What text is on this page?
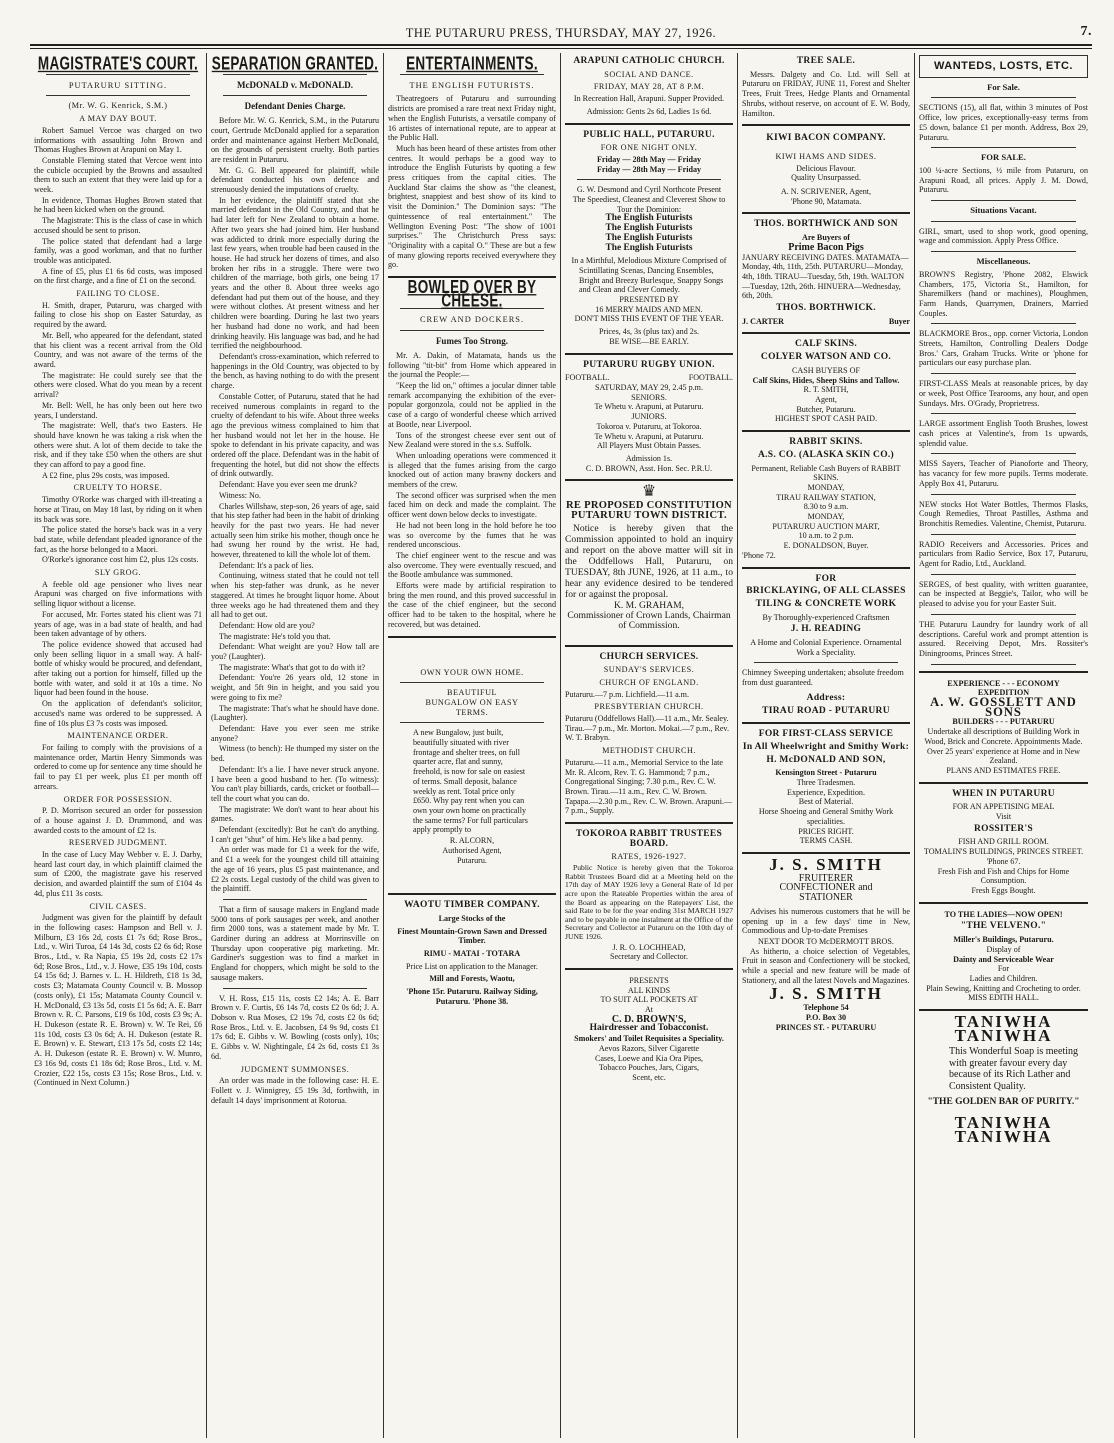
THE PUTARURU PRESS, THURSDAY, MAY 27, 1926.	7.
MAGISTRATE'S COURT.
PUTARURU SITTING.
(Mr. W. G. Kenrick, S.M.)
A MAY DAY BOUT.

Robert Samuel Vercoe was charged on two informations with assaulting John Brown and Thomas Hughes Brown at Arapuni on May 1.

Constable Fleming stated that Vercoe went into the cubicle occupied by the Browns and assaulted them to such an extent that they were laid up for a week.

In evidence, Thomas Hughes Brown stated that he had been kicked when on the ground.

The Magistrate: This is the class of case in which accused should be sent to prison.

The police stated that defendant had a large family, was a good workman, and that no further trouble was anticipated.

A fine of £5, plus £1 6s 6d costs, was imposed on the first charge, and a fine of £1 on the second.

FAILING TO CLOSE.

H. Smith, draper, Putaruru, was charged with failing to close his shop on Easter Saturday, as required by the award.

Mr. Bell, who appeared for the defendant, stated that his client was a recent arrival from the Old Country, and was not aware of the terms of the award.

The magistrate: He could surely see that the others were closed. What do you mean by a recent arrival?

Mr. Bell: Well, he has only been out here two years, I understand.

The magistrate: Well, that's two Easters. He should have known he was taking a risk when the others were shut. A lot of them decide to take the risk, and if they take £50 when the others are shut they can afford to pay a good fine.

A £2 fine, plus 29s costs, was imposed.

CRUELTY TO HORSE.

Timothy O'Rorke was charged with ill-treating a horse at Tirau, on May 18 last, by riding on it when its back was sore.

The police stated the horse's back was in a very bad state, while defendant pleaded ignorance of the fact, as the horse belonged to a Maori.

O'Rorke's ignorance cost him £2, plus 12s costs.

SLY GROG.

A feeble old age pensioner who lives near Arapuni was charged on five informations with selling liquor without a license.

For accused, Mr. Fortes stated his client was 71 years of age, was in a bad state of health, and had been taken advantage of by others.

The police evidence showed that accused had only been selling liquor in a small way. A half-bottle of whisky would be procured, and defendant, after taking out a portion for himself, filled up the bottle with water, and sold it at 10s a time. No liquor had been found in the house.

On the application of defendant's solicitor, accused's name was ordered to be suppressed. A fine of 10s plus £3 7s costs was imposed.

MAINTENANCE ORDER.

For failing to comply with the provisions of a maintenance order, Martin Henry Simmonds was ordered to come up for sentence any time should he fail to pay £1 per week, plus £1 per month off arrears.

ORDER FOR POSSESSION.

P. D. Morrison secured an order for possession of a house against J. D. Drummond, and was awarded costs to the amount of £2 1s.

RESERVED JUDGMENT.

In the case of Lucy May Webber v. E. J. Darby, heard last court day, in which plaintiff claimed the sum of £200, the magistrate gave his reserved decision, and awarded plaintiff the sum of £104 4s 4d, plus £11 3s costs.

CIVIL CASES.

Judgment was given for the plaintiff by default in the following cases: Hampson and Bell v. J. Milburn, £3 16s 2d, costs £1 7s 6d; Rose Bros., Ltd., v. Wiri Turoa, £4 14s 3d, costs £2 6s 6d; Rose Bros., Ltd., v. Ra Napia, £5 19s 2d, costs £2 17s 6d; Rose Bros., Ltd., v. J. Howe, £35 19s 10d, costs £4 15s 6d; J. Barnes v. L. H. Hildreth, £18 1s 3d, costs £3; Matamata County Council v. B. Mossop (costs only), £1 15s; Matamata County Council v. H. McDonald, £3 13s 5d, costs £1 5s 6d; A. E. Barr Brown v. R. C. Parsons, £19 6s 10d, costs £3 9s; A. H. Dukeson (estate R. E. Brown) v. W. Te Rei, £6 11s 10d, costs £3 0s 6d; A. H. Dukeson (estate R. E. Brown) v. E. Stewart, £13 17s 5d, costs £2 14s; A. H. Dukeson (estate R. E. Brown) v. W. Munro, £3 16s 9d, costs £1 18s 6d; Rose Bros., Ltd. v. M. Crozier, £22 15s, costs £3 15s; Rose Bros., Ltd. v. (Continued in Next Column.)

SEPARATION GRANTED.
McDONALD v. McDONALD.
Defendant Denies Charge.

Before Mr. W. G. Kenrick, S.M., in the Putaruru court, Gertrude McDonald applied for a separation order and maintenance against Herbert McDonald, on the grounds of persistent cruelty. Both parties are resident in Putaruru.

Mr. G. G. Bell appeared for plaintiff, while defendant conducted his own defence and strenuously denied the imputations of cruelty.

In her evidence, the plaintiff stated that she married defendant in the Old Country, and that he had later left for New Zealand to obtain a home. After two years she had joined him. Her husband was addicted to drink more especially during the last few years, when trouble had been caused in the house. He had struck her dozens of times, and also broken her ribs in a struggle. There were two children of the marriage, both girls, one being 17 years and the other 8. About three weeks ago defendant had put them out of the house, and they were without clothes. At present witness and her children were boarding. During he last two years her husband had done no work, and had been drinking heavily. His language was bad, and he had terrified the neighbourhood.

Defendant's cross-examination, which referred to happenings in the Old Country, was objected to by the bench, as having nothing to do with the present charge.

Constable Cotter, of Putaruru, stated that he had received numerous complaints in regard to the cruelty of defendant to his wife. About three weeks ago the previous witness complained to him that her husband would not let her in the house. He spoke to defendant in his private capacity, and was ordered off the place. Defendant was in the habit of frequenting the hotel, but did not show the effects of drink outwardly.

Defendant: Have you ever seen me drunk?

Witness: No.

Charles Willshaw, step-son, 26 years of age, said that his step father had been in the habit of drinking heavily for the past two years. He had never actually seen him strike his mother, though once he had swung her round by the wrist. He had, however, threatened to kill the whole lot of them.

Defendant: It's a pack of lies.

Continuing, witness stated that he could not tell when his step-father was drunk, as he never staggered. At times he brought liquor home. About three weeks ago he had threatened them and they all had to get out.

Defendant: How old are you?

The magistrate: He's told you that.

Defendant: What weight are you? How tall are you? (Laughter).

The magistrate: What's that got to do with it?

Defendant: You're 26 years old, 12 stone in weight, and 5ft 9in in height, and you said you were going to fix me?

The magistrate: That's what he should have done. (Laughter).

Defendant: Have you ever seen me strike anyone?

Witness (to bench): He thumped my sister on the bed.

Defendant: It's a lie. I have never struck anyone. I have been a good husband to her. (To witness): You can't play billiards, cards, cricket or football—tell the court what you can do.

The magistrate: We don't want to hear about his games.

Defendant (excitedly): But he can't do anything. I can't get "shut" of him. He's like a bad penny.

An order was made for £1 a week for the wife, and £1 a week for the youngest child till attaining the age of 16 years, plus £5 past maintenance, and £2 2s costs. Legal custody of the child was given to the plaintiff.

That a firm of sausage makers in England made 5000 tons of pork sausages per week, and another firm 2000 tons, was a statement made by Mr. T. Gardiner during an address at Morrinsville on Thursday upon cooperative pig marketing. Mr. Gardiner's suggestion was to find a market in England for choppers, which might be sold to the sausage makers.

V. H. Ross, £15 11s, costs £2 14s; A. E. Barr Brown v. F. Curtis, £6 14s 7d, costs £2 0s 6d; J. A. Dobson v. Rua Moses, £2 19s 7d, costs £2 0s 6d; Rose Bros., Ltd. v. E. Jacobsen, £4 9s 9d, costs £1 17s 6d; E. Gibbs v. W. Bowling (costs only), 10s; E. Gibbs v. W. Nightingale, £4 2s 6d, costs £1 3s 6d.

JUDGMENT SUMMONSES.

An order was made in the following case: H. E. Follett v. J. Winnigrey, £5 19s 3d, forthwith, in default 14 days' imprisonment at Rotorua.

ENTERTAINMENTS.
THE ENGLISH FUTURISTS.

Theatregoers of Putaruru and surrounding districts are promised a rare treat next Friday night, when the English Futurists, a versatile company of 16 artistes of international repute, are to appear at the Public Hall.

Much has been heard of these artistes from other centres. It would perhaps be a good way to introduce the English Futurists by quoting a few press critiques from the capital cities. The Auckland Star claims the show as "the cleanest, brightest, snappiest and best show of its kind to visit the Dominion." The Dominion says: "The quintessence of real entertainment." The Wellington Evening Post: "The show of 1001 surprises." The Christchurch Press says: "Originality with a capital O." These are but a few of many glowing reports received everywhere they go.

BOWLED OVER BY CHEESE.
CREW AND DOCKERS.
Fumes Too Strong.

Mr. A. Dakin, of Matamata, hands us the following "tit-bit" from Home which appeared in the journal the People:—

"Keep the lid on," oftimes a jocular dinner table remark accompanying the exhibition of the ever-popular gorgonzola, could not be applied in the case of a cargo of wonderful cheese which arrived at Bootle, near Liverpool.

Tons of the strongest cheese ever sent out of New Zealand were stored in the s.s. Suffolk.

When unloading operations were commenced it is alleged that the fumes arising from the cargo knocked out of action many brawny dockers and members of the crew.

The second officer was surprised when the men faced him on deck and made the complaint. The officer went down below decks to investigate.

He had not been long in the hold before he too was so overcome by the fumes that he was rendered unconscious.

The chief engineer went to the rescue and was also overcome. They were eventually rescued, and the Bootle ambulance was summoned.

Efforts were made by artificial respiration to bring the men round, and this proved successful in the case of the chief engineer, but the second officer had to be taken to the hospital, where he recovered, but was detained.

OWN YOUR OWN HOME.
BEAUTIFUL BUNGALOW ON EASY TERMS.

A new Bungalow, just built, beautifully situated with river frontage and shelter trees, on full quarter acre, flat and sunny, freehold, is now for sale on easiest of terms. Small deposit, balance weekly as rent. Total price only £650. Why pay rent when you can own your own home on practically the same terms? For full particulars apply promptly to

R. ALCORN,
Authorised Agent,
Putaruru.
WAOTU TIMBER COMPANY.
Large Stocks of the
Finest Mountain-Grown Sawn and Dressed Timber.
RIMU - MATAI - TOTARA
Price List on application to the Manager.
Mill and Forests, Waotu,
'Phone 15r. Putaruru. Railway Siding, Putaruru. 'Phone 38.
ARAPUNI CATHOLIC CHURCH.
SOCIAL AND DANCE.
FRIDAY, MAY 28, AT 8 P.M.
In Recreation Hall, Arapuni. Supper Provided.
Admission: Gents 2s 6d, Ladies 1s 6d.
PUBLIC HALL, PUTARURU.
FOR ONE NIGHT ONLY.
Friday — 28th May — Friday
Friday — 28th May — Friday
G. W. Desmond and Cyril Northcote Present
The Speediest, Cleanest and Cleverest Show to Tour the Dominion:
The English Futurists
The English Futurists
The English Futurists
The English Futurists
In a Mirthful, Melodious Mixture Comprised of
Scintillating Scenas, Dancing Ensembles, Bright and Breezy Burlesque, Snappy Songs and Clean and Clever Comedy.
PRESENTED BY
16 MERRY MAIDS AND MEN.
DON'T MISS THIS EVENT OF THE YEAR.
Prices, 4s, 3s (plus tax) and 2s.
BE WISE—BE EARLY.
PUTARURU RUGBY UNION.
FOOTBALL.	FOOTBALL.
SATURDAY, MAY 29, 2.45 p.m.
SENIORS.
Te Whetu v. Arapuni, at Putaruru.
JUNIORS.
Tokoroa v. Putaruru, at Tokoroa.
Te Whetu v. Arapuni, at Putaruru.
All Players Must Obtain Passes.
Admission 1s.
C. D. BROWN, Asst. Hon. Sec. P.R.U.
♛
RE PROPOSED CONSTITUTION PUTARURU TOWN DISTRICT.

Notice is hereby given that the Commission appointed to hold an inquiry and report on the above matter will sit in the Oddfellows Hall, Putaruru, on TUESDAY, 8th JUNE, 1926, at 11 a.m., to hear any evidence desired to be tendered for or against the proposal.

K. M. GRAHAM,
Commissioner of Crown Lands, Chairman of Commission.
CHURCH SERVICES.
SUNDAY'S SERVICES.
CHURCH OF ENGLAND.
Putaruru.—7 p.m. Lichfield.—11 a.m.
PRESBYTERIAN CHURCH.
Putaruru (Oddfellows Hall).—11 a.m., Mr. Sealey. Tirau.—7 p.m., Mr. Morton. Mokai.—7 p.m., Rev. W. T. Brabyn.
METHODIST CHURCH.
Putaruru.—11 a.m., Memorial Service to the late Mr. R. Alcorn, Rev. T. G. Hammond; 7 p.m., Congregational Singing; 7.30 p.m., Rev. C. W. Brown. Tirau.—11 a.m., Rev. C. W. Brown. Tapapa.—2.30 p.m., Rev. C. W. Brown. Arapuni.—7 p.m., Supply.
TOKOROA RABBIT TRUSTEES BOARD.
RATES, 1926-1927.

Public Notice is hereby given that the Tokoroa Rabbit Trustees Board did at a Meeting held on the 17th day of MAY 1926 levy a General Rate of 1d per acre upon the Rateable Properties within the area of the Board as appearing on the Ratepayers' List, the said Rate to be for the year ending 31st MARCH 1927 and to be payable in one instalment at the Office of the Secretary and Collector at Putaruru on the 10th day of JUNE 1926.

J. R. O. LOCHHEAD,
Secretary and Collector.
PRESENTS
ALL KINDS
TO SUIT ALL POCKETS AT
At
C. D. BROWN'S,
Hairdresser and Tobacconist.
Smokers' and Toilet Requisites a Speciality.
Aevos Razors, Silver Cigarette Cases, Loewe and Kia Ora Pipes, Tobacco Pouches, Jars, Cigars, Scent, etc.
TREE SALE.

Messrs. Dalgety and Co. Ltd. will Sell at Putaruru on FRIDAY, JUNE 11, Forest and Shelter Trees, Fruit Trees, Hedge Plants and Ornamental Shrubs, without reserve, on account of E. W. Body, Hamilton.

KIWI BACON COMPANY.
KIWI HAMS AND SIDES.
Delicious Flavour.
Quality Unsurpassed.
A. N. SCRIVENER, Agent,
'Phone 90, Matamata.
THOS. BORTHWICK AND SON
Are Buyers of
Prime Bacon Pigs
JANUARY RECEIVING DATES. MATAMATA—Monday, 4th, 11th, 25th. PUTARURU—Monday, 4th, 18th. TIRAU—Tuesday, 5th, 19th. WALTON—Tuesday, 12th, 26th. HINUERA—Wednesday, 6th, 20th.
THOS. BORTHWICK.
J. CARTER	Buyer
CALF SKINS.
COLYER WATSON AND CO.
CASH BUYERS OF
Calf Skins, Hides, Sheep Skins and Tallow.
R. T. SMITH,
Agent,
Butcher, Putaruru.
HIGHEST SPOT CASH PAID.
RABBIT SKINS.
A.S. CO. (ALASKA SKIN CO.)
Permanent, Reliable Cash Buyers of RABBIT SKINS.
MONDAY,
TIRAU RAILWAY STATION,
8.30 to 9 a.m.
MONDAY,
PUTARURU AUCTION MART,
10 a.m. to 2 p.m.
E. DONALDSON, Buyer.
'Phone 72.
FOR
BRICKLAYING, OF ALL CLASSES
TILING & CONCRETE WORK
By Thoroughly-experienced Craftsmen
J. H. READING
A Home and Colonial Experience. Ornamental Work a Speciality.
Chimney Sweeping undertaken; absolute freedom from dust guaranteed.
Address:
TIRAU ROAD - PUTARURU
FOR FIRST-CLASS SERVICE
In All Wheelwright and Smithy Work:
H. McDONALD AND SON,
Kensington Street - Putaruru
Three Tradesmen.
Experience, Expedition.
Best of Material.
Horse Shoeing and General Smithy Work specialities.
PRICES RIGHT.
TERMS CASH.
J. S. SMITH
FRUITERER
CONFECTIONER and
STATIONER

Advises his numerous customers that he will be opening up in a few days' time in New, Commodious and Up-to-date Premises

NEXT DOOR TO McDERMOTT BROS.

As hitherto, a choice selection of Vegetables, Fruit in season and Confectionery will be stocked, while a special and new feature will be made of Stationery, and all the latest Novels and Magazines.

J. S. SMITH
Telephone 54
P.O. Box 30
PRINCES ST. - PUTARURU
WANTEDS, LOSTS, ETC.
For Sale.

SECTIONS (15), all flat, within 3 minutes of Post Office, low prices, exceptionally-easy terms from £5 down, balance £1 per month. Address, Box 29, Putaruru.

FOR SALE.

100 ¼-acre Sections, ½ mile from Putaruru, on Arapuni Road, all prices. Apply J. M. Dowd, Putaruru.

Situations Vacant.

GIRL, smart, used to shop work, good opening, wage and commission. Apply Press Office.

Miscellaneous.

BROWN'S Registry, 'Phone 2082, Elswick Chambers, 175, Victoria St., Hamilton, for Sharemilkers (hand or machines), Ploughmen, Farm Hands, Quarrymen, Drainers, Married Couples.

BLACKMORE Bros., opp. corner Victoria, London Streets, Hamilton, Controlling Dealers Dodge Bros.' Cars, Graham Trucks. Write or 'phone for particulars our easy purchase plan.

FIRST-CLASS Meals at reasonable prices, by day or week, Post Office Tearooms, any hour, and open Sundays. Mrs. O'Grady, Proprietress.

LARGE assortment English Tooth Brushes, lowest cash prices at Valentine's, from 1s upwards, splendid value.

MISS Sayers, Teacher of Pianoforte and Theory, has vacancy for few more pupils. Terms moderate. Apply Box 41, Putaruru.

NEW stocks Hot Water Bottles, Thermos Flasks, Cough Remedies, Throat Pastilles, Asthma and Bronchitis Remedies. Valentine, Chemist, Putaruru.

RADIO Receivers and Accessories. Prices and particulars from Radio Service, Box 17, Putaruru, Agent for Radio, Ltd., Auckland.

SERGES, of best quality, with written guarantee, can be inspected at Beggie's, Tailor, who will be pleased to advise you for your Easter Suit.

THE Putaruru Laundry for laundry work of all descriptions. Careful work and prompt attention is assured. Receiving Depot, Mrs. Rossiter's Diningrooms, Princes Street.

EXPERIENCE - - - ECONOMY
EXPEDITION
A. W. GOSSLETT AND SONS
BUILDERS - - - PUTARURU
Undertake all descriptions of Building Work in Wood, Brick and Concrete. Appointments Made.
Over 25 years' experience at Home and in New Zealand.
PLANS AND ESTIMATES FREE.
WHEN IN PUTARURU
FOR AN APPETISING MEAL
Visit
ROSSITER'S
FISH AND GRILL ROOM.
TOMALIN'S BUILDINGS, PRINCES STREET.
'Phone 67.
Fresh Fish and Fish and Chips for Home Consumption.
Fresh Eggs Bought.
TO THE LADIES—NOW OPEN!
"THE VELVENO."
Miller's Buildings, Putaruru.
Display of
Dainty and Serviceable Wear
For
Ladies and Children.
Plain Sewing, Knitting and Crocheting to order.
MISS EDITH HALL.
TANIWHA
TANIWHA
This Wonderful Soap is meeting with greater favour every day because of its Rich Lather and Consistent Quality.
"THE GOLDEN BAR OF PURITY."
TANIWHA
TANIWHA
